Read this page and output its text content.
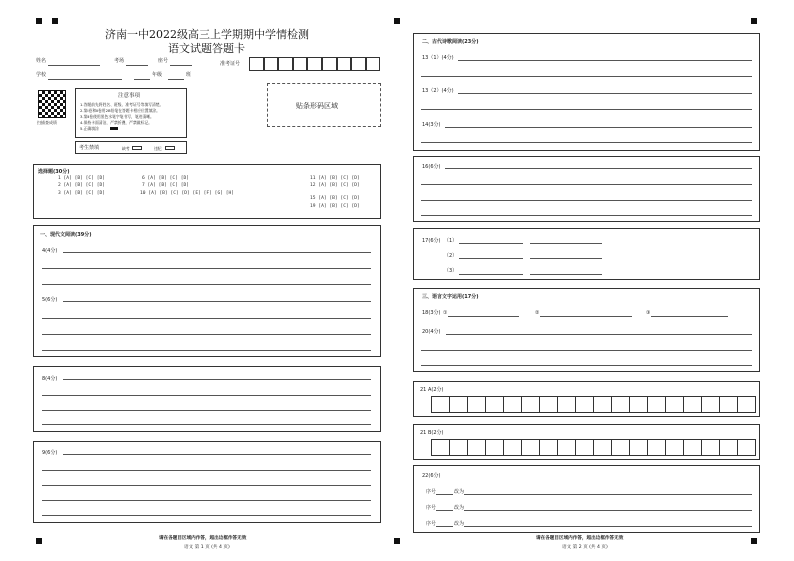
济南一中2022级高三上学期期中学情检测
语文试题答题卡
姓名	考场	座号
学校	年级	班
准考证号
扫描查成绩
注意事项
1.答题前先将姓名、班级、准考证号等填写清楚。
2.第Ⅰ卷和Ⅱ卷用2B铅笔在答题卡相应位置填涂。
3.第Ⅱ卷使用黑色水笔字笔书写，笔迹清晰。
4.保持卡面清洁，严禁折叠，严禁做标记。
5.正确填涂
考生禁填	缺考	违纪
贴条形码区域
选择题(30分)
1 [A] [B] [C] [D]
2 [A] [B] [C] [D]
3 [A] [B] [C] [D]
6 [A] [B] [C] [D]
7 [A] [B] [C] [D]
10 [A] [B] [C] [D] [E] [F] [G] [H]
11 [A] [B] [C] [D]
12 [A] [B] [C] [D]
15 [A] [B] [C] [D]
19 [A] [B] [C] [D]
一、现代文阅读(39分)
4(4分)
5(6分)
8(4分)
9(6分)
请在各题目区域内作答，超出边框作答无效
语文 第 1 页 (共 4 页)
二、古代诗歌阅读(23分)
13（1）(4分)
13（2）(4分)
14(3分)
16(6分)
17(6分) （1）
（2）
（3）
三、语言文字运用(17分)
18(3分) ①	②	③
20(4分)
21 A(2分)
21 B(2分)
22(6分)
序号	改为
序号	改为
序号	改为
请在各题目区域内作答，超出边框作答无效
语文 第 2 页 (共 4 页)
